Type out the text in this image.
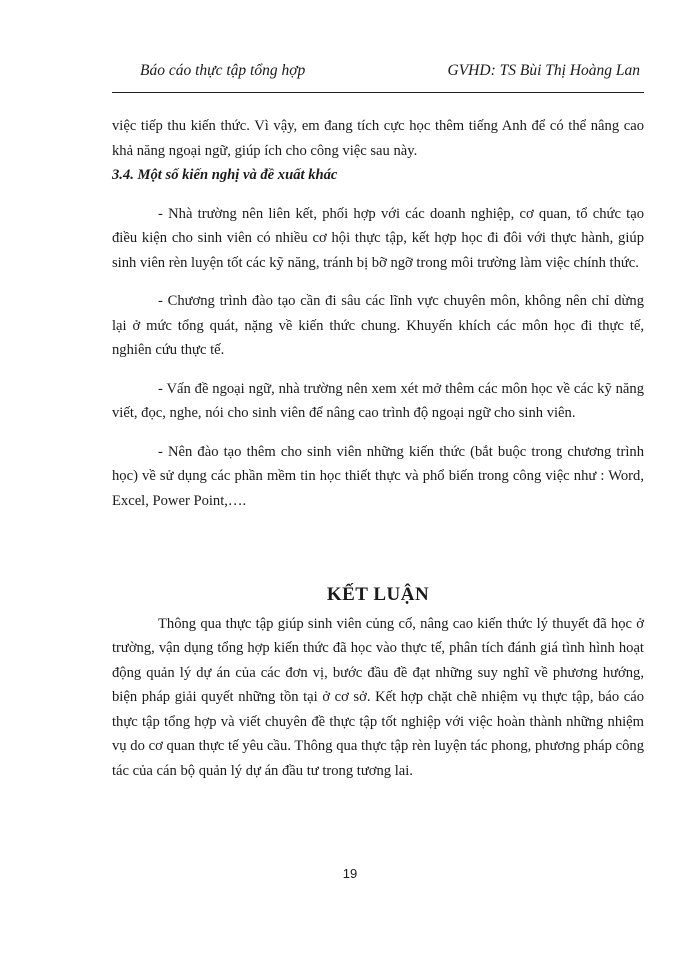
Báo cáo thực tập tổng hợp	GVHD: TS Bùi Thị Hoàng Lan

việc tiếp thu kiến thức. Vì vậy, em đang tích cực học thêm tiếng Anh để có thể nâng cao khả năng ngoại ngữ, giúp ích cho công việc sau này.

3.4. Một số kiến nghị và đề xuất khác

- Nhà trường nên liên kết, phối hợp với các doanh nghiệp, cơ quan, tổ chức tạo điều kiện cho sinh viên có nhiều cơ hội thực tập, kết hợp học đi đôi với thực hành, giúp sinh viên rèn luyện tốt các kỹ năng, tránh bị bỡ ngỡ trong môi trường làm việc chính thức.

- Chương trình đào tạo cần đi sâu các lĩnh vực chuyên môn, không nên chỉ dừng lại ở mức tổng quát, nặng về kiến thức chung. Khuyến khích các môn học đi thực tế, nghiên cứu thực tế.

- Vấn đề ngoại ngữ, nhà trường nên xem xét mở thêm các môn học về các kỹ năng viết, đọc, nghe, nói cho sinh viên để nâng cao trình độ ngoại ngữ cho sinh viên.

- Nên đào tạo thêm cho sinh viên những kiến thức (bắt buộc trong chương trình học) về sử dụng các phần mềm tin học thiết thực và phổ biến trong công việc như : Word, Excel, Power Point,….

KẾT LUẬN

Thông qua thực tập giúp sinh viên củng cố, nâng cao kiến thức lý thuyết đã học ở trường, vận dụng tổng hợp kiến thức đã học vào thực tế, phân tích đánh giá tình hình hoạt động quản lý dự án của các đơn vị, bước đầu đề đạt những suy nghĩ về phương hướng, biện pháp giải quyết những tồn tại ở cơ sở. Kết hợp chặt chẽ nhiệm vụ thực tập, báo cáo thực tập tổng hợp và viết chuyên đề thực tập tốt nghiệp với việc hoàn thành những nhiệm vụ do cơ quan thực tế yêu cầu. Thông qua thực tập rèn luyện tác phong, phương pháp công tác của cán bộ quản lý dự án đầu tư trong tương lai.

19
